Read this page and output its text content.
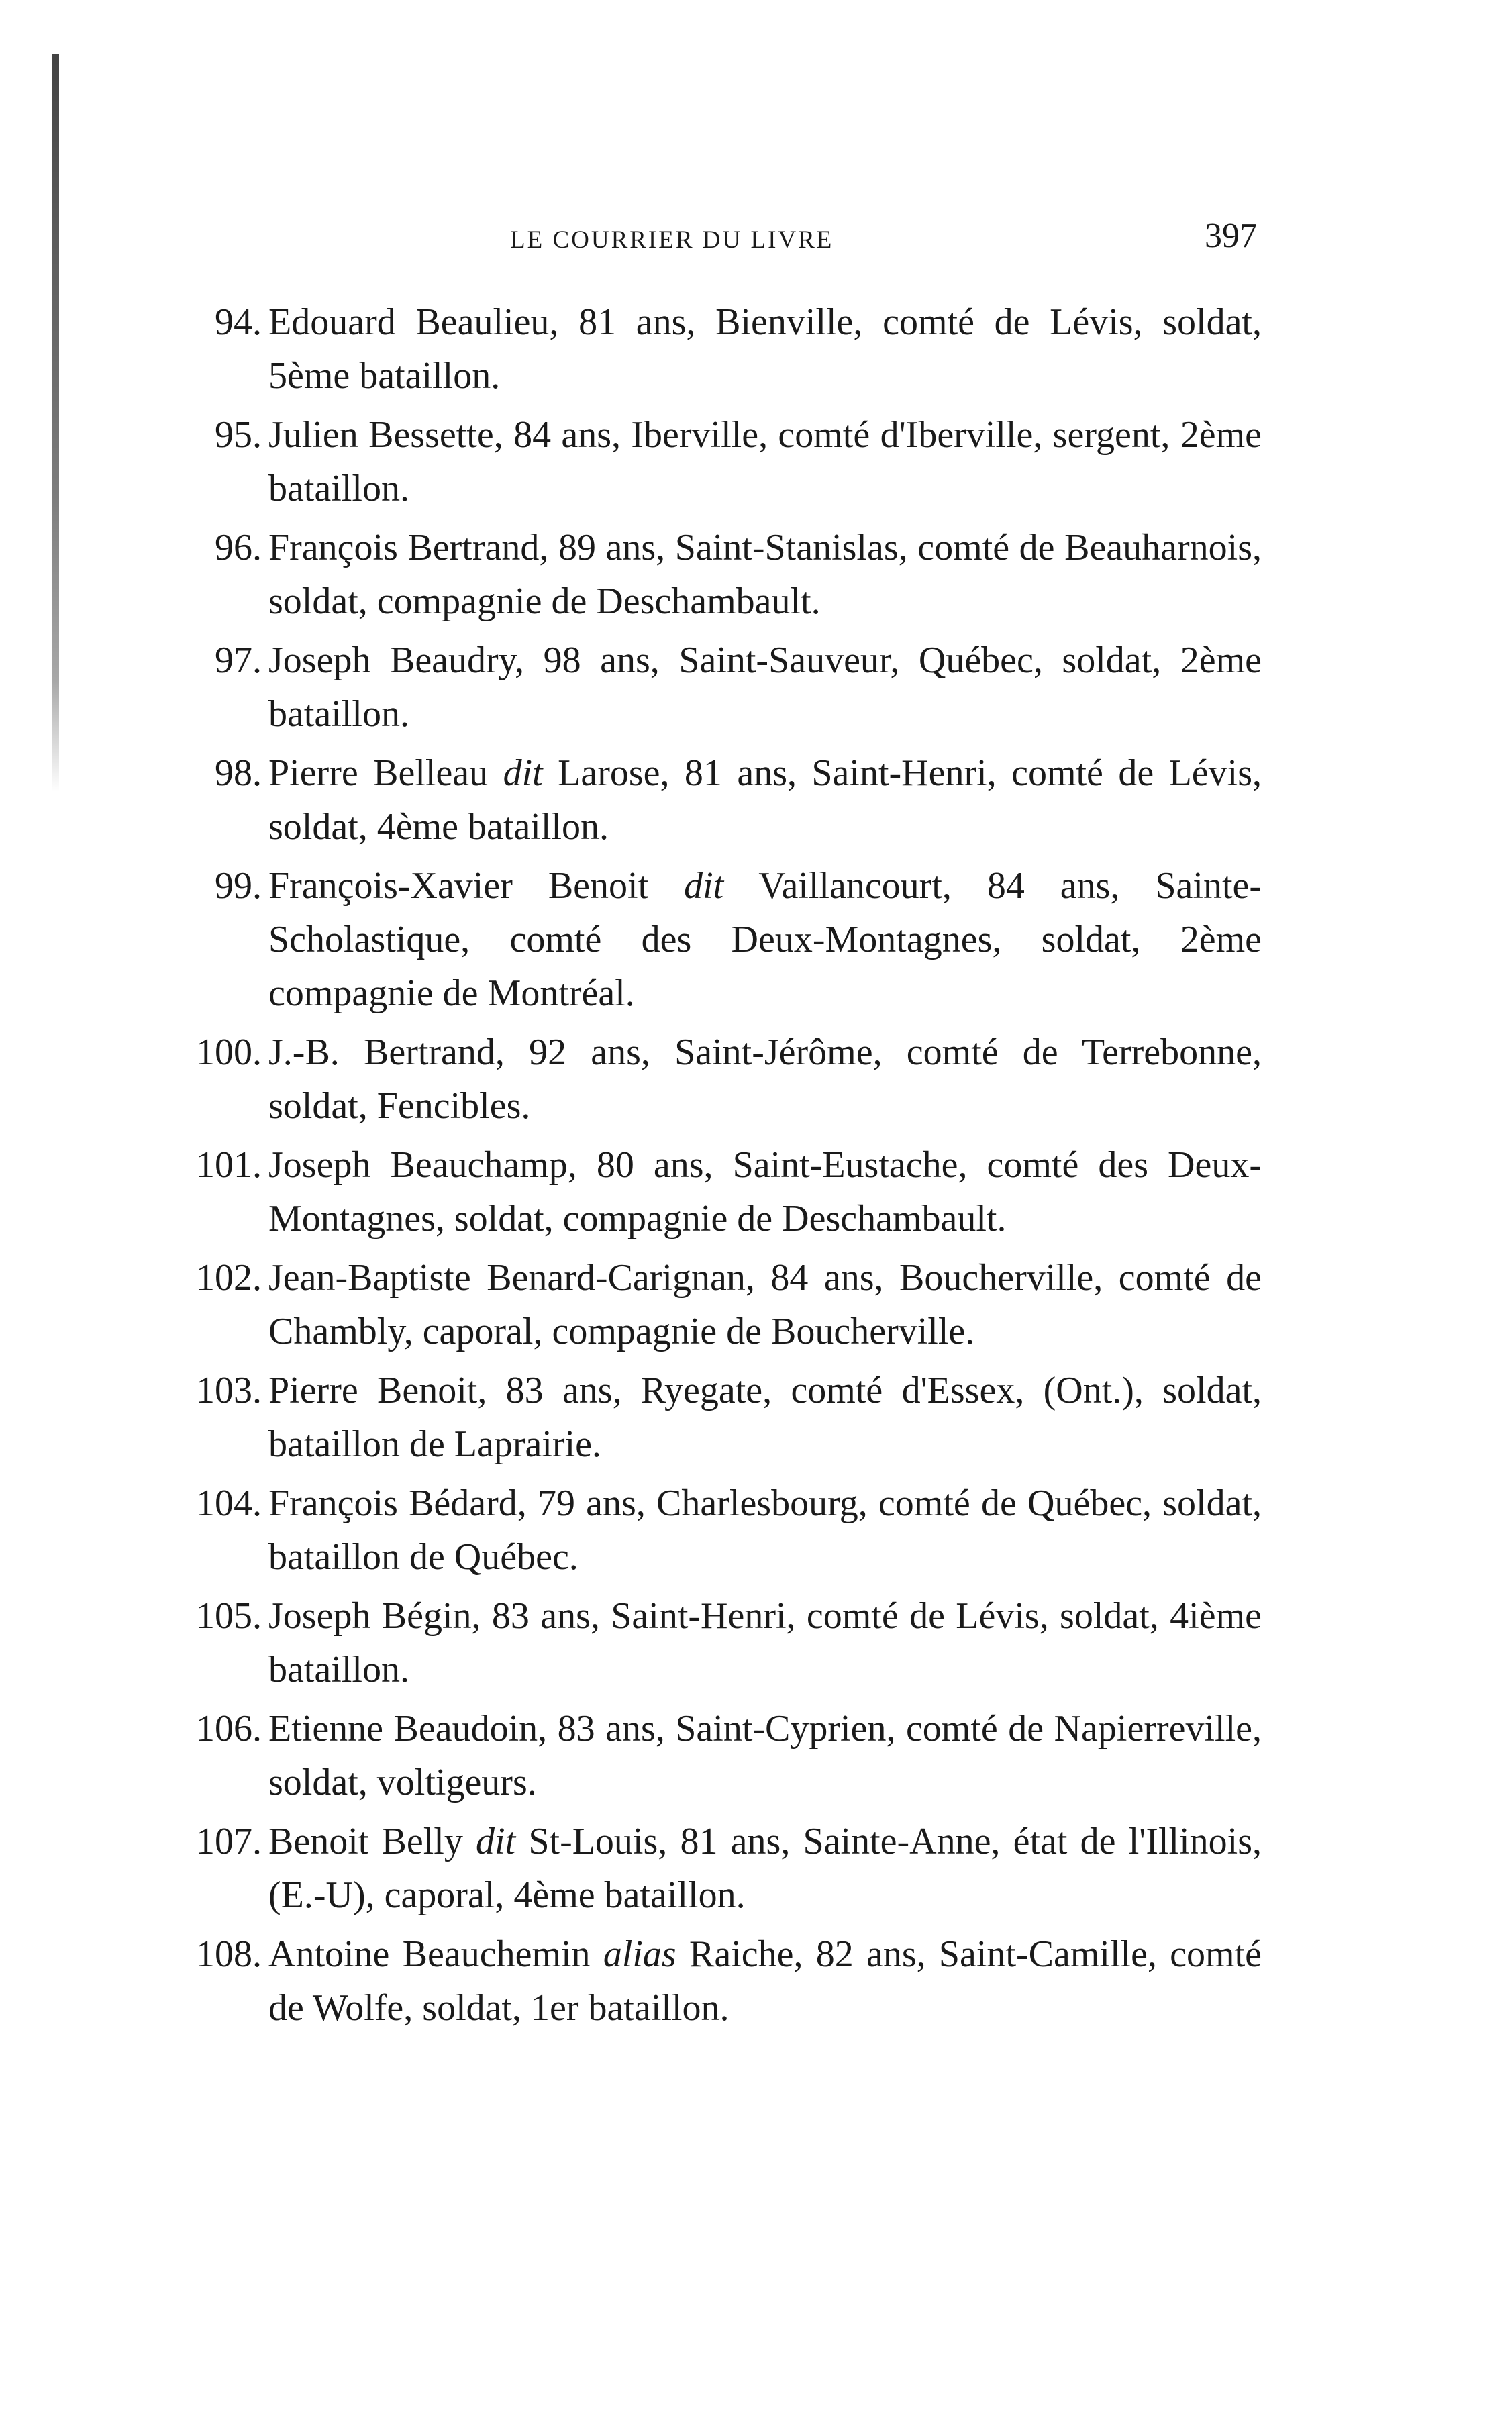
LE COURRIER DU LIVRE	397
94. Edouard Beaulieu, 81 ans, Bienville, comté de Lévis, soldat, 5ème bataillon.
95. Julien Bessette, 84 ans, Iberville, comté d'Iberville, sergent, 2ème bataillon.
96. François Bertrand, 89 ans, Saint-Stanislas, comté de Beauharnois, soldat, compagnie de Deschambault.
97. Joseph Beaudry, 98 ans, Saint-Sauveur, Québec, soldat, 2ème bataillon.
98. Pierre Belleau dit Larose, 81 ans, Saint-Henri, comté de Lévis, soldat, 4ème bataillon.
99. François-Xavier Benoit dit Vaillancourt, 84 ans, Sainte-Scholastique, comté des Deux-Montagnes, soldat, 2ème compagnie de Montréal.
100. J.-B. Bertrand, 92 ans, Saint-Jérôme, comté de Terrebonne, soldat, Fencibles.
101. Joseph Beauchamp, 80 ans, Saint-Eustache, comté des Deux-Montagnes, soldat, compagnie de Deschambault.
102. Jean-Baptiste Benard-Carignan, 84 ans, Boucherville, comté de Chambly, caporal, compagnie de Boucherville.
103. Pierre Benoit, 83 ans, Ryegate, comté d'Essex, (Ont.), soldat, bataillon de Laprairie.
104. François Bédard, 79 ans, Charlesbourg, comté de Québec, soldat, bataillon de Québec.
105. Joseph Bégin, 83 ans, Saint-Henri, comté de Lévis, soldat, 4ième bataillon.
106. Etienne Beaudoin, 83 ans, Saint-Cyprien, comté de Napierreville, soldat, voltigeurs.
107. Benoit Belly dit St-Louis, 81 ans, Sainte-Anne, état de l'Illinois, (E.-U), caporal, 4ème bataillon.
108. Antoine Beauchemin alias Raiche, 82 ans, Saint-Camille, comté de Wolfe, soldat, 1er bataillon.
